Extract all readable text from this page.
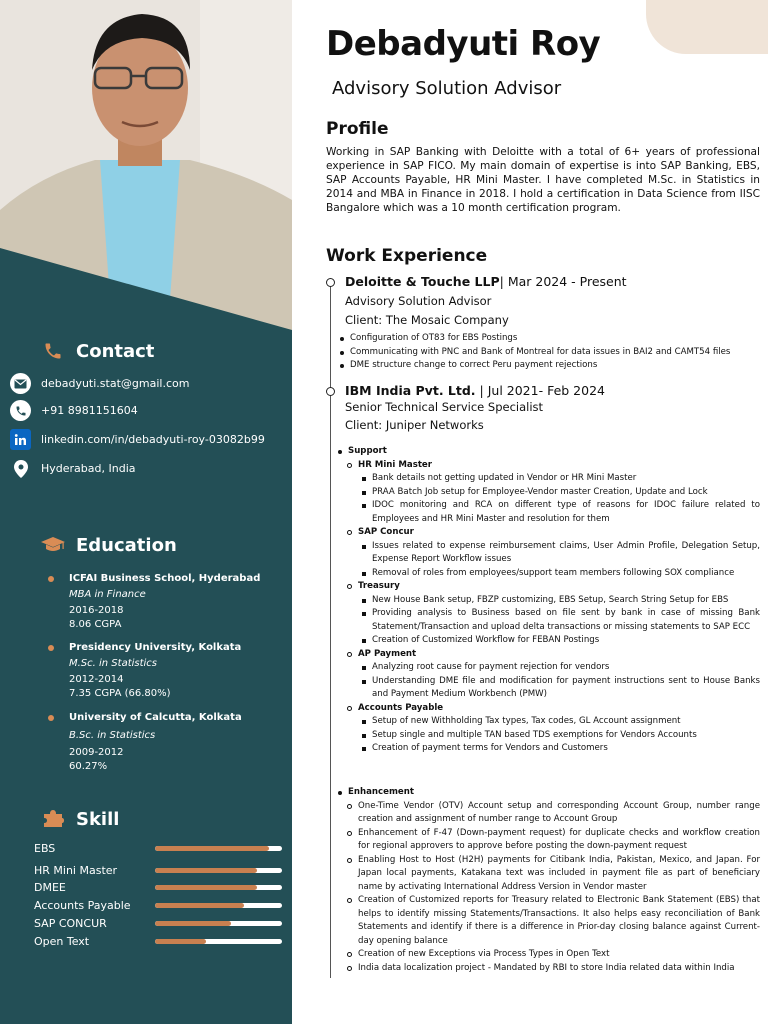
Contact
debadyuti.stat@gmail.com
+91 8981151604
linkedin.com/in/debadyuti-roy-03082b99
Hyderabad, India
Education
ICFAI Business School, Hyderabad
MBA in Finance
2016-2018
8.06 CGPA
Presidency University, Kolkata
M.Sc. in Statistics
2012-2014
7.35 CGPA (66.80%)
University of Calcutta, Kolkata
B.Sc. in Statistics
2009-2012
60.27%
Skill
EBS
HR Mini Master
DMEE
Accounts Payable
SAP CONCUR
Open Text
Debadyuti Roy
Advisory Solution Advisor
Profile
Working in SAP Banking with Deloitte with a total of 6+ years of professional experience in SAP FICO. My main domain of expertise is into SAP Banking, EBS, SAP Accounts Payable, HR Mini Master. I have completed M.Sc. in Statistics in 2014 and MBA in Finance in 2018. I hold a certification in Data Science from IISC Bangalore which was a 10 month certification program.
Work Experience
Deloitte & Touche LLP| Mar 2024 - Present
Advisory Solution Advisor
Client: The Mosaic Company
Configuration of OT83 for EBS Postings
Communicating with PNC and Bank of Montreal for data issues in BAI2 and CAMT54 files
DME structure change to correct Peru payment rejections
IBM India Pvt. Ltd. | Jul 2021- Feb 2024
Senior Technical Service Specialist
Client: Juniper Networks
Support
HR Mini Master
Bank details not getting updated in Vendor or HR Mini Master
PRAA Batch Job setup for Employee-Vendor master Creation, Update and Lock
IDOC monitoring and RCA on different type of reasons for IDOC failure related to Employees and HR Mini Master and resolution for them
SAP Concur
Issues related to expense reimbursement claims, User Admin Profile, Delegation Setup, Expense Report Workflow issues
Removal of roles from employees/support team members following SOX compliance
Treasury
New House Bank setup, FBZP customizing, EBS Setup, Search String Setup for EBS
Providing analysis to Business based on file sent by bank in case of missing Bank Statement/Transaction and upload delta transactions or missing statements to SAP ECC
Creation of Customized Workflow for FEBAN Postings
AP Payment
Analyzing root cause for payment rejection for vendors
Understanding DME file and modification for payment instructions sent to House Banks and Payment Medium Workbench (PMW)
Accounts Payable
Setup of new Withholding Tax types, Tax codes, GL Account assignment
Setup single and multiple TAN based TDS exemptions for Vendors Accounts
Creation of payment terms for Vendors and Customers
Enhancement
One-Time Vendor (OTV) Account setup and corresponding Account Group, number range creation and assignment of number range to Account Group
Enhancement of F-47 (Down-payment request) for duplicate checks and workflow creation for regional approvers to approve before posting the down-payment request
Enabling Host to Host (H2H) payments for Citibank India, Pakistan, Mexico, and Japan. For Japan local payments, Katakana text was included in payment file as part of beneficiary name by activating International Address Version in Vendor master
Creation of Customized reports for Treasury related to Electronic Bank Statement (EBS) that helps to identify missing Statements/Transactions. It also helps easy reconciliation of Bank Statements and identify if there is a difference in Prior-day closing balance against Current-day opening balance
Creation of new Exceptions via Process Types in Open Text
India data localization project - Mandated by RBI to store India related data within India
